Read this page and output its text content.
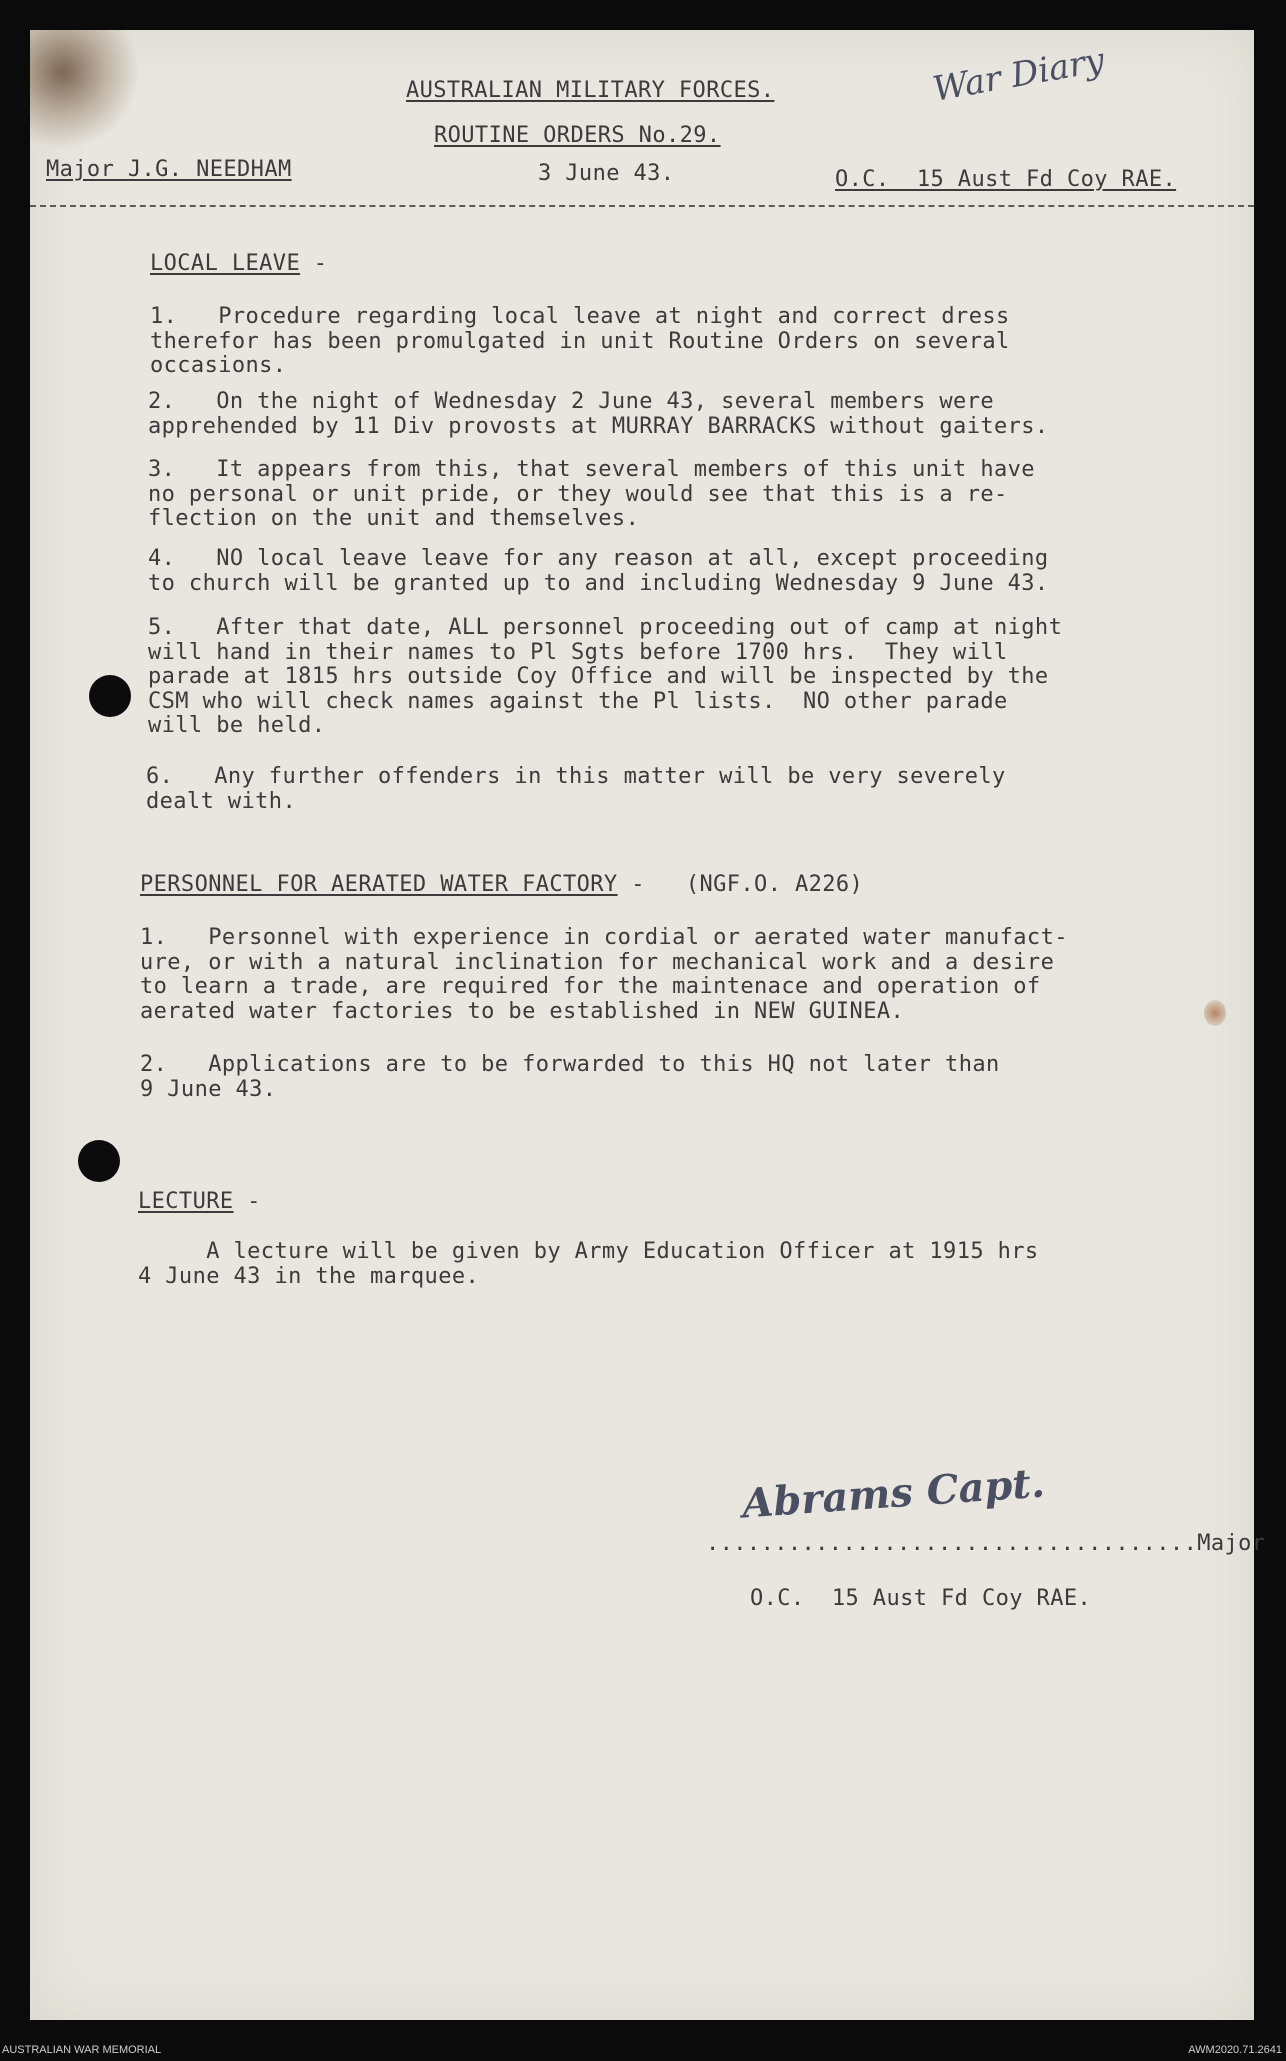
AUSTRALIAN MILITARY FORCES.
ROUTINE ORDERS No.29.
War Diary
Major J.G. NEEDHAM	3 June 43.	O.C.  15 Aust Fd Coy RAE.
LOCAL LEAVE -
1.   Procedure regarding local leave at night and correct dress
therefor has been promulgated in unit Routine Orders on several
occasions.
2.   On the night of Wednesday 2 June 43, several members were
apprehended by 11 Div provosts at MURRAY BARRACKS without gaiters.
3.   It appears from this, that several members of this unit have
no personal or unit pride, or they would see that this is a re-
flection on the unit and themselves.
4.   NO local leave leave for any reason at all, except proceeding
to church will be granted up to and including Wednesday 9 June 43.
5.   After that date, ALL personnel proceeding out of camp at night
will hand in their names to Pl Sgts before 1700 hrs.  They will
parade at 1815 hrs outside Coy Office and will be inspected by the
CSM who will check names against the Pl lists.  NO other parade
will be held.
6.   Any further offenders in this matter will be very severely
dealt with.
PERSONNEL FOR AERATED WATER FACTORY -   (NGF.O. A226)
1.   Personnel with experience in cordial or aerated water manufact-
ure, or with a natural inclination for mechanical work and a desire
to learn a trade, are required for the maintenace and operation of
aerated water factories to be established in NEW GUINEA.
2.   Applications are to be forwarded to this HQ not later than
9 June 43.
LECTURE -
A lecture will be given by Army Education Officer at 1915 hrs
4 June 43 in the marquee.
Abrams Capt.
....................................Major
O.C.  15 Aust Fd Coy RAE.
AUSTRALIAN WAR MEMORIAL	AWM2020.71.2641
